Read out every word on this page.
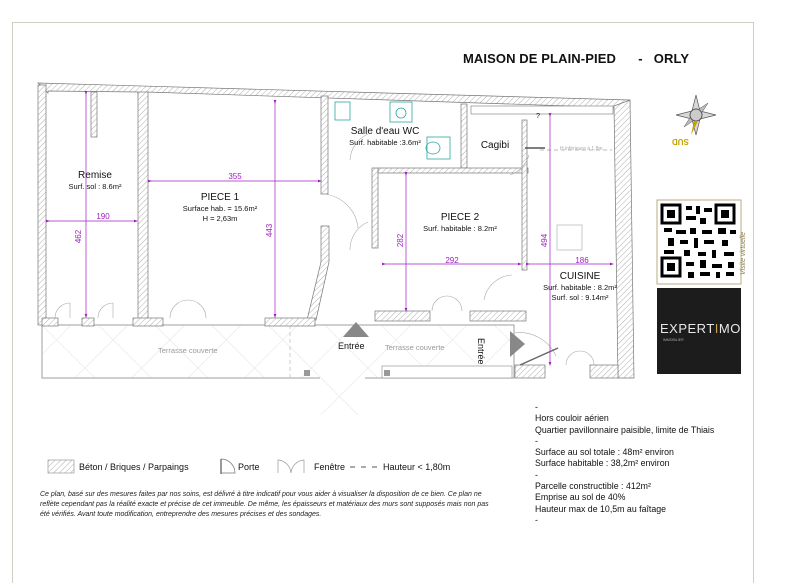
MAISON DE PLAIN-PIED      -   ORLY
Remise
Surf. sol : 8.6m²
190
462
PIECE 1
Surface hab. = 15.6m²
H = 2,63m
355
443
Salle d'eau WC
Surf. habitable :3.6m²	Cagibi
?
H inférieure à 1,8m
PIECE 2
Surf. habitable : 8.2m²
292
282
CUISINE
Surf. habitable : 8.2m²
Surf. sol : 9.14m²
186
494
Terrasse couverte	Terrasse couverte
Entrée	Entrée
SUD
Visite virtuelle
EXPERTIMO
IMMOBILIER
Béton / Briques / Parpaings	Porte	Fenêtre	Hauteur < 1,80m
Ce plan, basé sur des mesures faites par nos soins, est délivré à titre indicatif pour vous aider à visualiser la disposition de ce bien. Ce plan ne reflète cependant pas la réalité exacte et précise de cet immeuble. De même, les épaisseurs et matériaux des murs sont supposés mais non pas été vérifiés. Avant toute modification, entreprendre des mesures précises et des sondages.
-
Hors couloir aérien
Quartier pavillonnaire paisible, limite de Thiais
-
Surface au sol totale : 48m² environ
Surface habitable : 38,2m² environ
-
Parcelle constructible : 412m²
Emprise au sol de 40%
Hauteur max de 10,5m au faîtage
-
